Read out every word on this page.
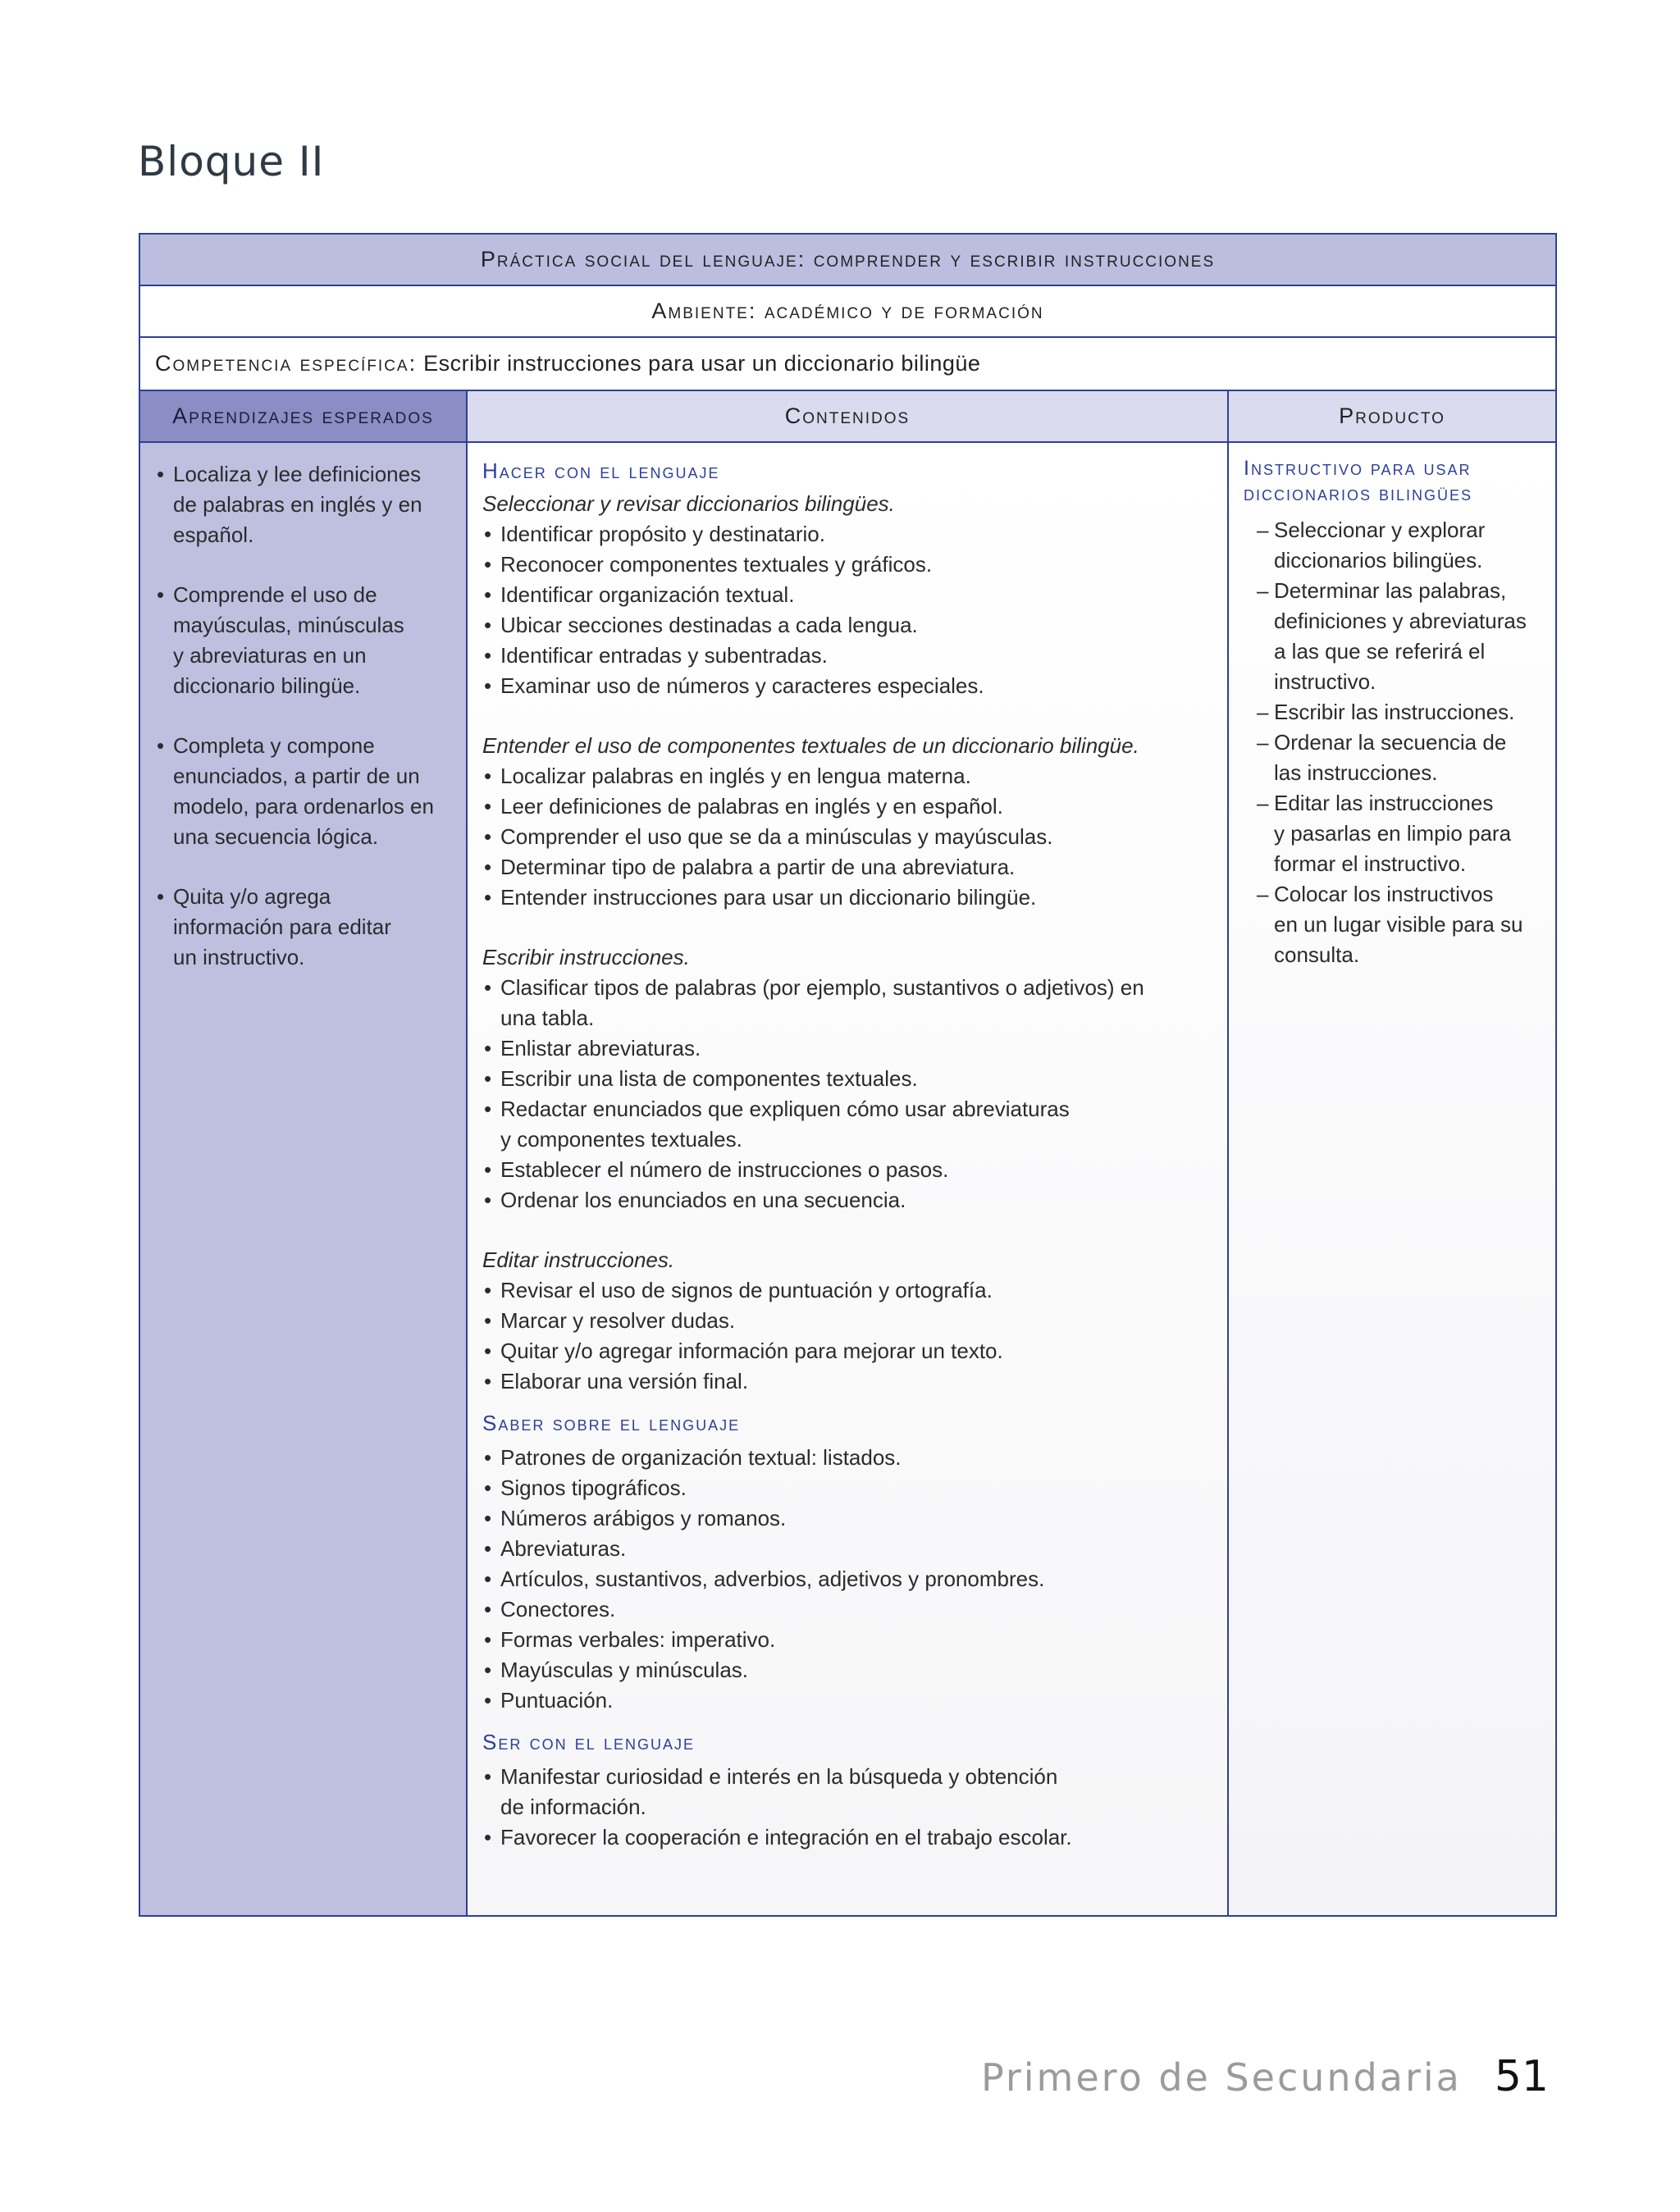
Bloque II
Práctica social del lenguaje: comprender y escribir instrucciones
Ambiente: académico y de formación
Competencia específica: Escribir instrucciones para usar un diccionario bilingüe
Aprendizajes esperados	Contenidos	Producto
• Localiza y lee definiciones
de palabras en inglés y en
español.
• Comprende el uso de
mayúsculas, minúsculas
y abreviaturas en un
diccionario bilingüe.
• Completa y compone
enunciados, a partir de un
modelo, para ordenarlos en
una secuencia lógica.
• Quita y/o agrega
información para editar
un instructivo.
Hacer con el lenguaje
Seleccionar y revisar diccionarios bilingües.
• Identificar propósito y destinatario.
• Reconocer componentes textuales y gráficos.
• Identificar organización textual.
• Ubicar secciones destinadas a cada lengua.
• Identificar entradas y subentradas.
• Examinar uso de números y caracteres especiales.
Entender el uso de componentes textuales de un diccionario bilingüe.
• Localizar palabras en inglés y en lengua materna.
• Leer definiciones de palabras en inglés y en español.
• Comprender el uso que se da a minúsculas y mayúsculas.
• Determinar tipo de palabra a partir de una abreviatura.
• Entender instrucciones para usar un diccionario bilingüe.
Escribir instrucciones.
• Clasificar tipos de palabras (por ejemplo, sustantivos o adjetivos) en
una tabla.
• Enlistar abreviaturas.
• Escribir una lista de componentes textuales.
• Redactar enunciados que expliquen cómo usar abreviaturas
y componentes textuales.
• Establecer el número de instrucciones o pasos.
• Ordenar los enunciados en una secuencia.
Editar instrucciones.
• Revisar el uso de signos de puntuación y ortografía.
• Marcar y resolver dudas.
• Quitar y/o agregar información para mejorar un texto.
• Elaborar una versión final.
Saber sobre el lenguaje
• Patrones de organización textual: listados.
• Signos tipográficos.
• Números arábigos y romanos.
• Abreviaturas.
• Artículos, sustantivos, adverbios, adjetivos y pronombres.
• Conectores.
• Formas verbales: imperativo.
• Mayúsculas y minúsculas.
• Puntuación.
Ser con el lenguaje
• Manifestar curiosidad e interés en la búsqueda y obtención
de información.
• Favorecer la cooperación e integración en el trabajo escolar.
Instructivo para usar
diccionarios bilingües
– Seleccionar y explorar
diccionarios bilingües.
– Determinar las palabras,
definiciones y abreviaturas
a las que se referirá el
instructivo.
– Escribir las instrucciones.
– Ordenar la secuencia de
las instrucciones.
– Editar las instrucciones
y pasarlas en limpio para
formar el instructivo.
– Colocar los instructivos
en un lugar visible para su
consulta.
Primero de Secundaria 51
